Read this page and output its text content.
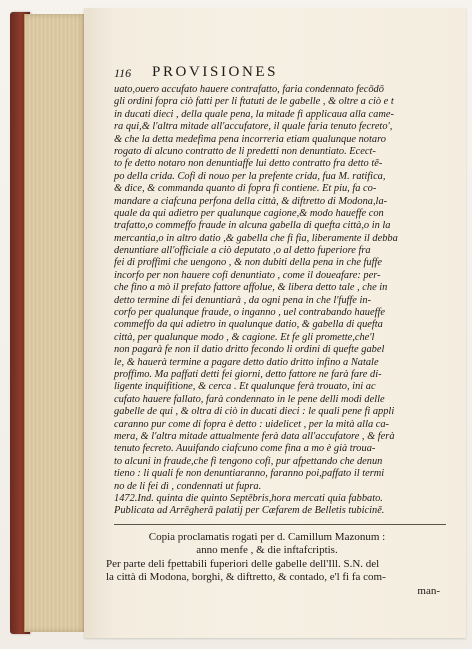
116 PROVISIONES
uato,ouero accufato hauere contrafatto, faria condennato fecōdō
gli ordini fopra ciò fatti per li ftatuti de le gabelle , & oltre a ciò e t
in ducati dieci , della quale pena, la mitade fi applicaua alla came-
ra qui,& l'altra mitade all'accufatore, il quale faria tenuto fecreto',
& che la detta medefima pena incorreria etiam qualunque notaro
rogato di alcuno contratto de li predetti non denuntiato. Ecect-
to fe detto notaro non denuntiaffe lui detto contratto fra detto tē-
po della crida. Cofi di nouo per la prefente crida, fua M. ratifica,
& dice, & commanda quanto di fopra fi contiene. Et piu, fa co-
mandare a ciafcuna perfona della città, & diftretto di Modona,la-
quale da qui adietro per qualunque cagione,& modo haueffe con
trafatto,o commeffo fraude in alcuna gabella di quefta città,o in la
mercantia,o in altro datio ,& gabella che fi fia, liberamente il debba
denuntiare all'officiale a ciò deputato ,o al detto fuperiore fra
fei di proffimi che uengono , & non dubiti della pena in che fuffe
incorfo per non hauere cofi denuntiato , come il doueafare: per-
che fino a mò il prefato fattore affolue, & libera detto tale , che in
detto termine di fei denuntiarà , da ogni pena in che l'fuffe in-
corfo per qualunque fraude, o inganno , uel contrabando haueffe
commeffo da qui adietro in qualunque datio, & gabella di quefta
città, per qualunque modo , & cagione. Et fe gli promette,che'l
non pagarà fe non il datio dritto fecondo li ordini di quefte gabel
le, & hauerà termine a pagare detto datio dritto infino a Natale
proffimo. Ma paffati detti fei giorni, detto fattore ne farà fare di-
ligente inquifitione, & cerca . Et qualunque ferà trouato, ini ac
cufato hauere fallato, farà condennato in le pene delli modi delle
gabelle de qui , & oltra di ciò in ducati dieci : le quali pene fi appli
caranno pur come di fopra è detto : uidelicet , per la mità alla ca-
mera, & l'altra mitade attualmente ferà data all'accufatore , & ferà
tenuto fecreto. Auuifando ciafcuno come fina a mo è già troua-
to alcuni in fraude,che fi tengono cofi, pur afpettando che denun
tieno : li quali fe non denuntiaranno, faranno poi,paffato il termi
no de li fei dì , condennati ut fupra.
1472.Ind. quinta die quinto Septēbris,hora mercati quia fabbato.
Publicata ad Arrēgherā palatij per Cæfarem de Belletis tubicinē.
Copia proclamatis rogati per d. Camillum Mazonum :
anno menfe , & die inftafcriptis.
Per parte deli fpettabili fuperiori delle gabelle dell'Ill. S.N. del
la città di Modona, borghi, & diftretto, & contado, e'l fi fa com-
man-
